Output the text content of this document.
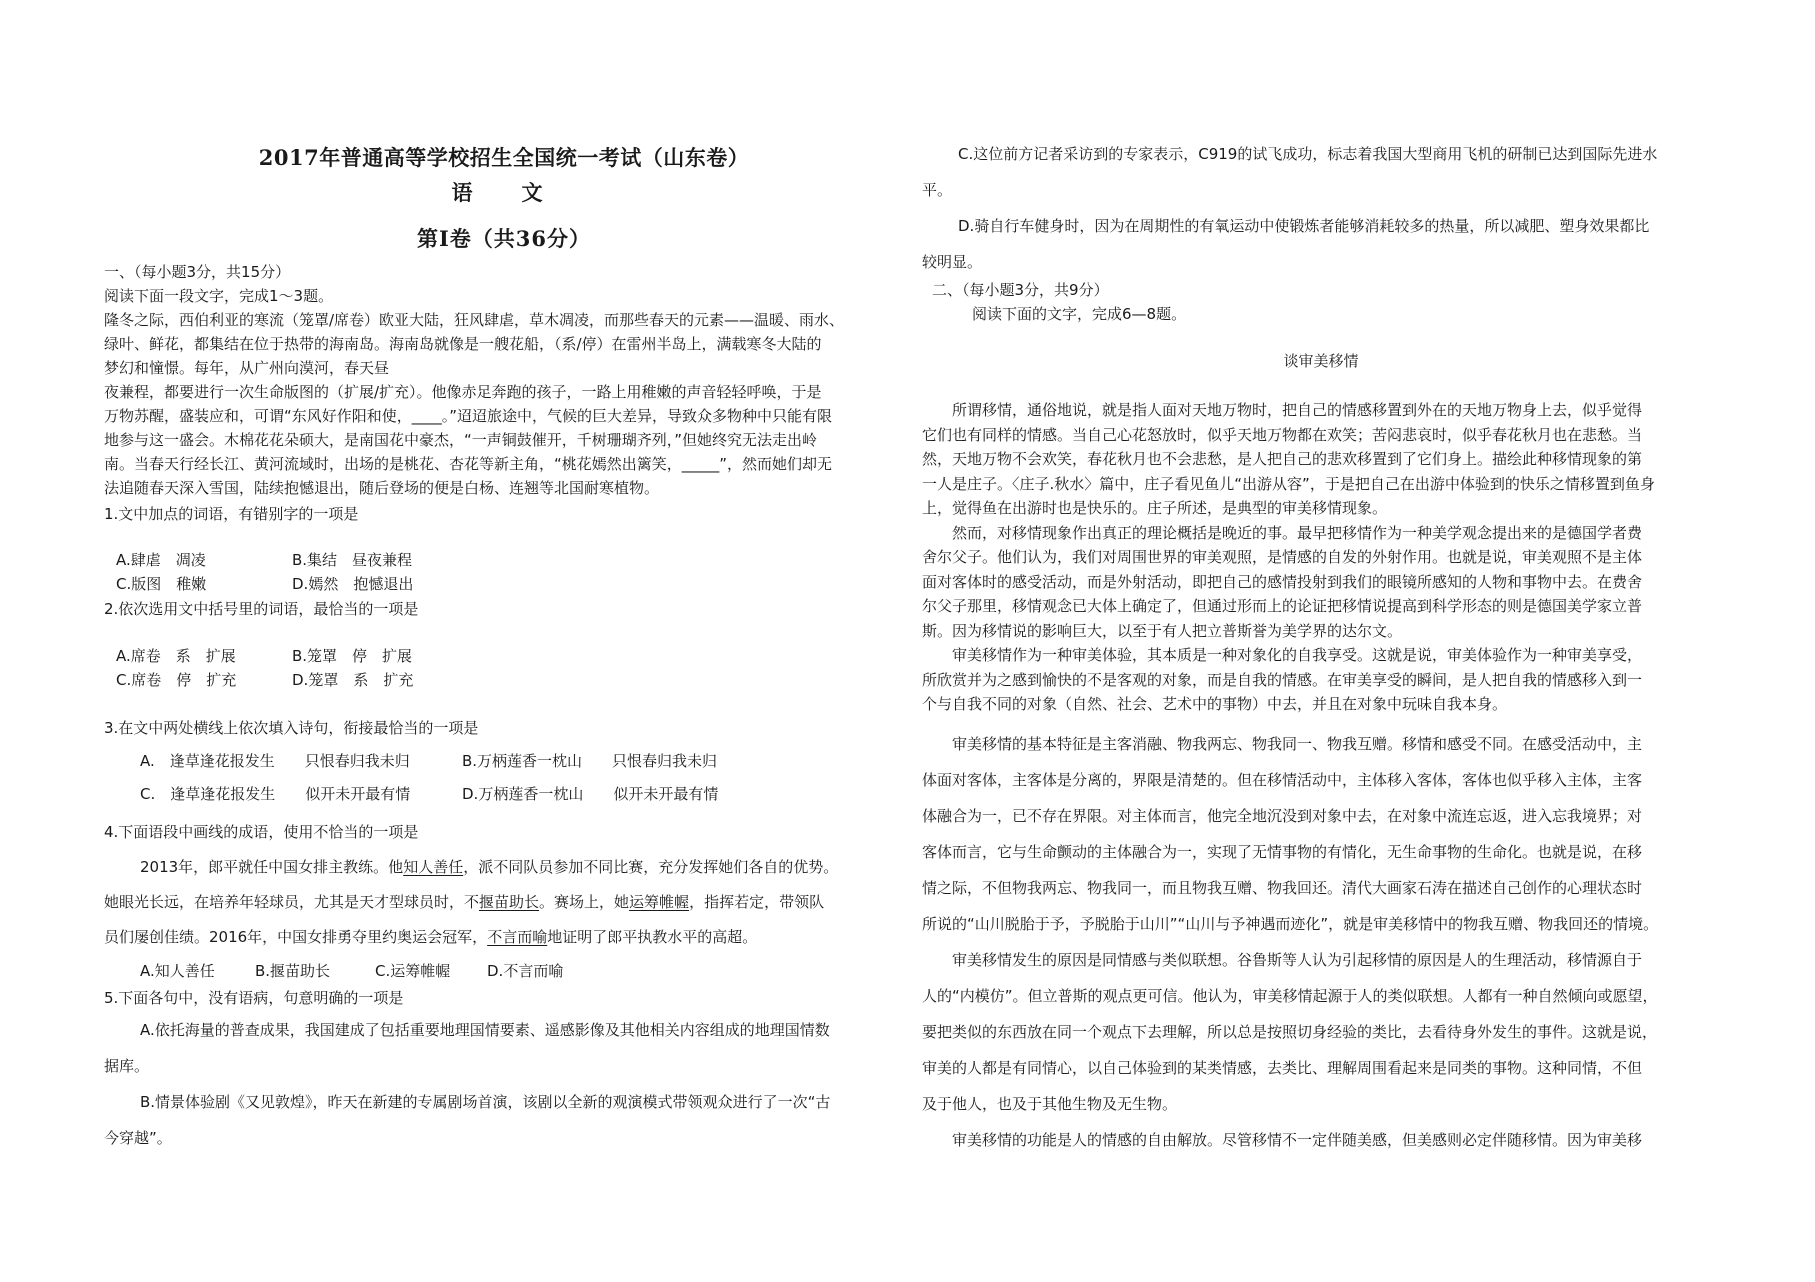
2017年普通高等学校招生全国统一考试（山东卷）
语　文
第Ⅰ卷（共36分）
一、（每小题3分，共15分）
阅读下面一段文字，完成1～3题。
隆冬之际，西伯利亚的寒流（笼罩/席卷）欧亚大陆，狂风肆虐，草木凋凌，而那些春天的元素——温暖、雨水、
绿叶、鲜花，都集结在位于热带的海南岛。海南岛就像是一艘花船，（系/停）在雷州半岛上，满载寒冬大陆的
梦幻和憧憬。每年，从广州向漠河，春天昼
夜兼程，都要进行一次生命版图的（扩展/扩充）。他像赤足奔跑的孩子，一路上用稚嫩的声音轻轻呼唤，于是
万物苏醒，盛装应和，可谓“东风好作阳和使，____。”迢迢旅途中，气候的巨大差异，导致众多物种中只能有限
地参与这一盛会。木棉花花朵硕大，是南国花中豪杰，“一声铜鼓催开，千树珊瑚齐列，”但她终究无法走出岭
南。当春天行经长江、黄河流域时，出场的是桃花、杏花等新主角，“桃花嫣然出篱笑，_____”，然而她们却无
法追随春天深入雪国，陆续抱憾退出，随后登场的便是白杨、连翘等北国耐寒植物。
1.文中加点的词语，有错别字的一项是
A.肆虐　凋凌	B.集结　昼夜兼程
C.版图　稚嫩	D.嫣然　抱憾退出
2.依次选用文中括号里的词语，最恰当的一项是
A.席卷　系　扩展	B.笼罩　停　扩展
C.席卷　停　扩充	D.笼罩　系　扩充
3.在文中两处横线上依次填入诗句，衔接最恰当的一项是
A.　逢草逢花报发生　　只恨春归我未归	B.万柄莲香一枕山　　只恨春归我未归
C.　逢草逢花报发生　　似开未开最有情	D.万柄莲香一枕山　　似开未开最有情
4.下面语段中画线的成语，使用不恰当的一项是
2013年，郎平就任中国女排主教练。他知人善任，派不同队员参加不同比赛，充分发挥她们各自的优势。
她眼光长远，在培养年轻球员，尤其是天才型球员时，不揠苗助长。赛场上，她运筹帷幄，指挥若定，带领队
员们屡创佳绩。2016年，中国女排勇夺里约奥运会冠军，不言而喻地证明了郎平执教水平的高超。
A.知人善任	B.揠苗助长	C.运筹帷幄	D.不言而喻
5.下面各句中，没有语病，句意明确的一项是
A.依托海量的普查成果，我国建成了包括重要地理国情要素、遥感影像及其他相关内容组成的地理国情数
据库。
B.情景体验剧《又见敦煌》，昨天在新建的专属剧场首演，该剧以全新的观演模式带领观众进行了一次“古
今穿越”。
C.这位前方记者采访到的专家表示，C919的试飞成功，标志着我国大型商用飞机的研制已达到国际先进水
平。
D.骑自行车健身时，因为在周期性的有氧运动中使锻炼者能够消耗较多的热量，所以减肥、塑身效果都比
较明显。
二、（每小题3分，共9分）
阅读下面的文字，完成6—8题。
谈审美移情
　　所谓移情，通俗地说，就是指人面对天地万物时，把自己的情感移置到外在的天地万物身上去，似乎觉得
它们也有同样的情感。当自己心花怒放时，似乎天地万物都在欢笑；苦闷悲哀时，似乎春花秋月也在悲愁。当
然，天地万物不会欢笑，春花秋月也不会悲愁，是人把自己的悲欢移置到了它们身上。描绘此种移情现象的第
一人是庄子。〈庄子.秋水〉篇中，庄子看见鱼儿“出游从容”，于是把自己在出游中体验到的快乐之情移置到鱼身
上，觉得鱼在出游时也是快乐的。庄子所述，是典型的审美移情现象。
　　然而，对移情现象作出真正的理论概括是晚近的事。最早把移情作为一种美学观念提出来的是德国学者费
舍尔父子。他们认为，我们对周围世界的审美观照，是情感的自发的外射作用。也就是说，审美观照不是主体
面对客体时的感受活动，而是外射活动，即把自己的感情投射到我们的眼镜所感知的人物和事物中去。在费舍
尔父子那里，移情观念已大体上确定了，但通过形而上的论证把移情说提高到科学形态的则是德国美学家立普
斯。因为移情说的影响巨大，以至于有人把立普斯誉为美学界的达尔文。
　　审美移情作为一种审美体验，其本质是一种对象化的自我享受。这就是说，审美体验作为一种审美享受，
所欣赏并为之感到愉快的不是客观的对象，而是自我的情感。在审美享受的瞬间，是人把自我的情感移入到一
个与自我不同的对象（自然、社会、艺术中的事物）中去，并且在对象中玩味自我本身。
　　审美移情的基本特征是主客消融、物我两忘、物我同一、物我互赠。移情和感受不同。在感受活动中，主
体面对客体，主客体是分离的，界限是清楚的。但在移情活动中，主体移入客体，客体也似乎移入主体，主客
体融合为一，已不存在界限。对主体而言，他完全地沉没到对象中去，在对象中流连忘返，进入忘我境界；对
客体而言，它与生命颤动的主体融合为一，实现了无情事物的有情化，无生命事物的生命化。也就是说，在移
情之际，不但物我两忘、物我同一，而且物我互赠、物我回还。清代大画家石涛在描述自己创作的心理状态时
所说的“山川脱胎于予，予脱胎于山川”“山川与予神遇而迹化”，就是审美移情中的物我互赠、物我回还的情境。
　　审美移情发生的原因是同情感与类似联想。谷鲁斯等人认为引起移情的原因是人的生理活动，移情源自于
人的“内模仿”。但立普斯的观点更可信。他认为，审美移情起源于人的类似联想。人都有一种自然倾向或愿望，
要把类似的东西放在同一个观点下去理解，所以总是按照切身经验的类比，去看待身外发生的事件。这就是说，
审美的人都是有同情心，以自己体验到的某类情感，去类比、理解周围看起来是同类的事物。这种同情，不但
及于他人，也及于其他生物及无生物。
　　审美移情的功能是人的情感的自由解放。尽管移情不一定伴随美感，但美感则必定伴随移情。因为审美移
